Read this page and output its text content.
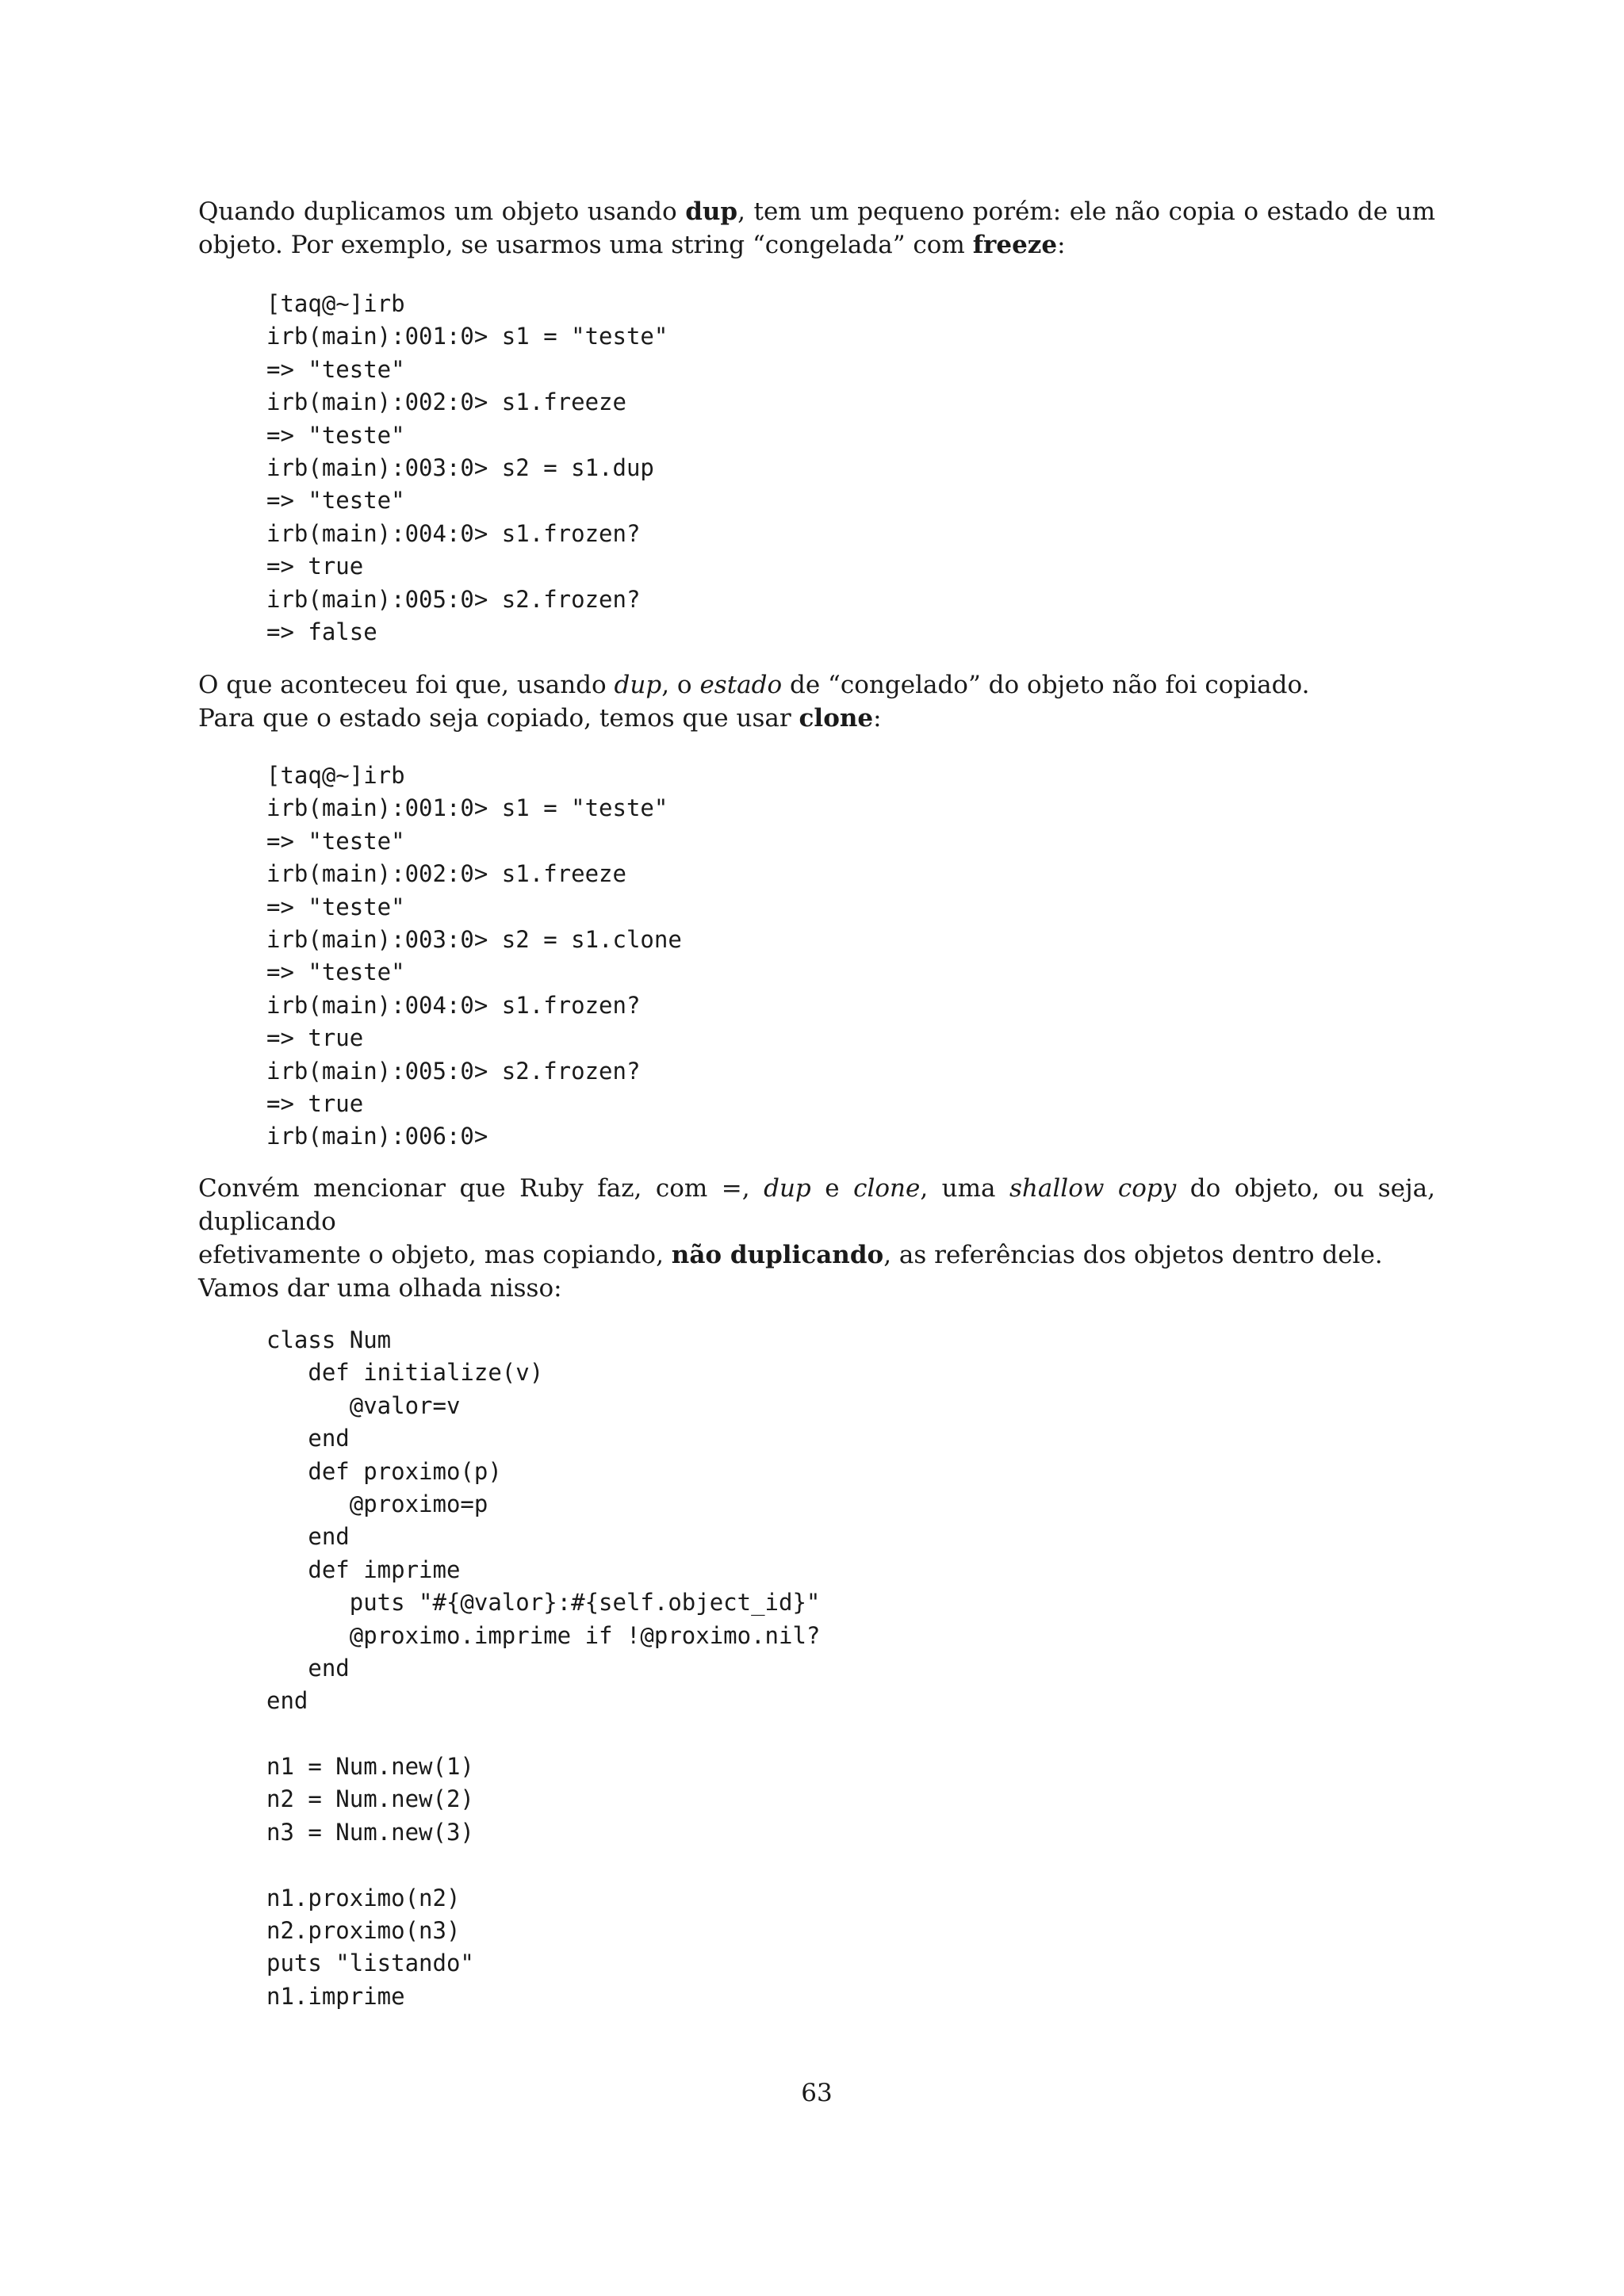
Quando duplicamos um objeto usando dup, tem um pequeno porém: ele não copia o estado de um
objeto. Por exemplo, se usarmos uma string “congelada” com freeze:

[taq@~]irb
irb(main):001:0> s1 = "teste"
=> "teste"
irb(main):002:0> s1.freeze
=> "teste"
irb(main):003:0> s2 = s1.dup
=> "teste"
irb(main):004:0> s1.frozen?
=> true
irb(main):005:0> s2.frozen?
=> false

O que aconteceu foi que, usando dup, o estado de “congelado” do objeto não foi copiado.
Para que o estado seja copiado, temos que usar clone:

[taq@~]irb
irb(main):001:0> s1 = "teste"
=> "teste"
irb(main):002:0> s1.freeze
=> "teste"
irb(main):003:0> s2 = s1.clone
=> "teste"
irb(main):004:0> s1.frozen?
=> true
irb(main):005:0> s2.frozen?
=> true
irb(main):006:0>

Convém mencionar que Ruby faz, com =, dup e clone, uma shallow copy do objeto, ou seja, duplicando
efetivamente o objeto, mas copiando, não duplicando, as referências dos objetos dentro dele.

Vamos dar uma olhada nisso:

class Num
def initialize(v)
@valor=v
end
def proximo(p)
@proximo=p
end
def imprime
puts "#{@valor}:#{self.object_id}"
@proximo.imprime if !@proximo.nil?
end
end
n1 = Num.new(1)
n2 = Num.new(2)
n3 = Num.new(3)
n1.proximo(n2)
n2.proximo(n3)
puts "listando"
n1.imprime
63
